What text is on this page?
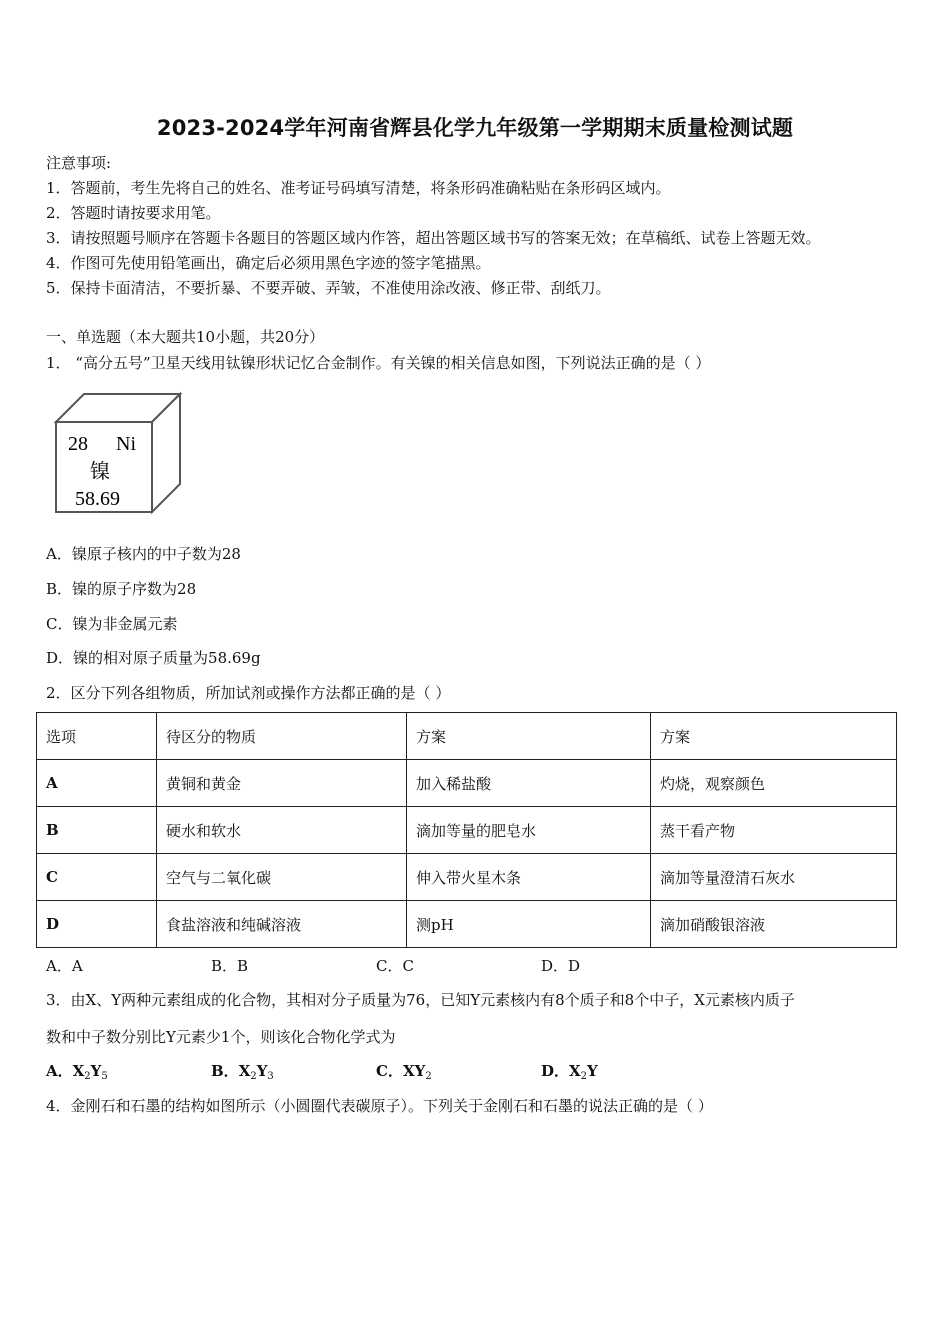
2023-2024学年河南省辉县化学九年级第一学期期末质量检测试题
注意事项:
1．答题前，考生先将自己的姓名、准考证号码填写清楚，将条形码准确粘贴在条形码区域内。
2．答题时请按要求用笔。
3．请按照题号顺序在答题卡各题目的答题区域内作答，超出答题区域书写的答案无效；在草稿纸、试卷上答题无效。
4．作图可先使用铅笔画出，确定后必须用黑色字迹的签字笔描黑。
5．保持卡面清洁，不要折暴、不要弄破、弄皱，不准使用涂改液、修正带、刮纸刀。
一、单选题（本大题共10小题，共20分）
1． “高分五号”卫星天线用钛镍形状记忆合金制作。有关镍的相关信息如图，下列说法正确的是（ ）
28 Ni
镍
58.69
A．镍原子核内的中子数为28
B．镍的原子序数为28
C．镍为非金属元素
D．镍的相对原子质量为58.69g
2．区分下列各组物质，所加试剂或操作方法都正确的是（ ）
选项	待区分的物质	方案	方案
A	黄铜和黄金	加入稀盐酸	灼烧，观察颜色
B	硬水和软水	滴加等量的肥皂水	蒸干看产物
C	空气与二氧化碳	伸入带火星木条	滴加等量澄清石灰水
D	食盐溶液和纯碱溶液	测pH	滴加硝酸银溶液
A．A	B．B	C．C	D．D
3．由X、Y两种元素组成的化合物，其相对分子质量为76，已知Y元素核内有8个质子和8个中子，X元素核内质子
数和中子数分别比Y元素少1个，则该化合物化学式为
A．$X_2Y_5$	B．$X_2Y_3$	C．$XY_2$	D．$X_2Y$
4．金刚石和石墨的结构如图所示（小圆圈代表碳原子）。下列关于金刚石和石墨的说法正确的是（ ）
